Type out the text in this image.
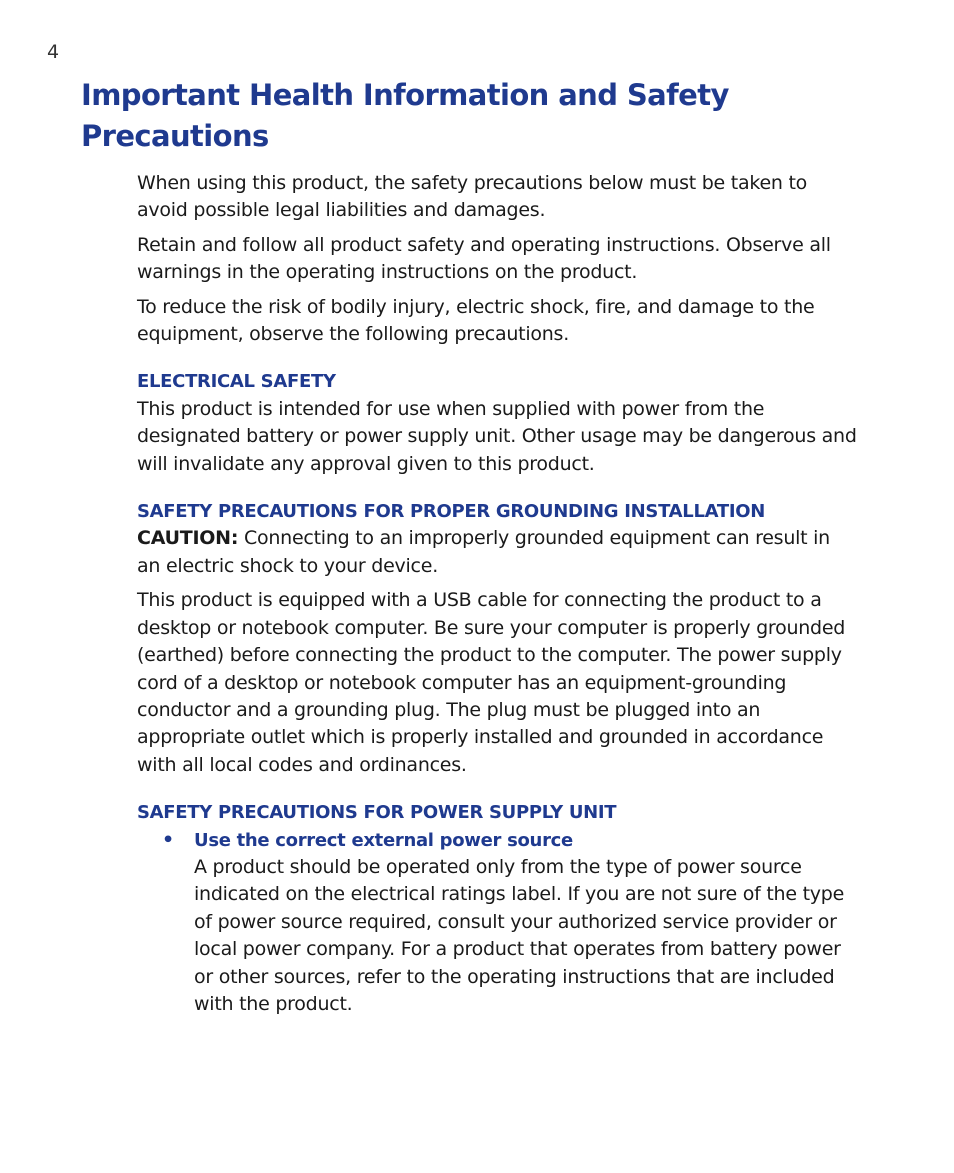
4
Important Health Information and Safety Precautions

When using this product, the safety precautions below must be taken to avoid possible legal liabilities and damages.

Retain and follow all product safety and operating instructions. Observe all warnings in the operating instructions on the product.

To reduce the risk of bodily injury, electric shock, fire, and damage to the equipment, observe the following precautions.

ELECTRICAL SAFETY

This product is intended for use when supplied with power from the designated battery or power supply unit. Other usage may be dangerous and will invalidate any approval given to this product.

SAFETY PRECAUTIONS FOR PROPER GROUNDING INSTALLATION

CAUTION: Connecting to an improperly grounded equipment can result in an electric shock to your device.

This product is equipped with a USB cable for connecting the product to a desktop or notebook computer. Be sure your computer is properly grounded (earthed) before connecting the product to the computer. The power supply cord of a desktop or notebook computer has an equipment-grounding conductor and a grounding plug. The plug must be plugged into an appropriate outlet which is properly installed and grounded in accordance with all local codes and ordinances.

SAFETY PRECAUTIONS FOR POWER SUPPLY UNIT
• Use the correct external power source

A product should be operated only from the type of power source indicated on the electrical ratings label. If you are not sure of the type of power source required, consult your authorized service provider or local power company. For a product that operates from battery power or other sources, refer to the operating instructions that are included with the product.
